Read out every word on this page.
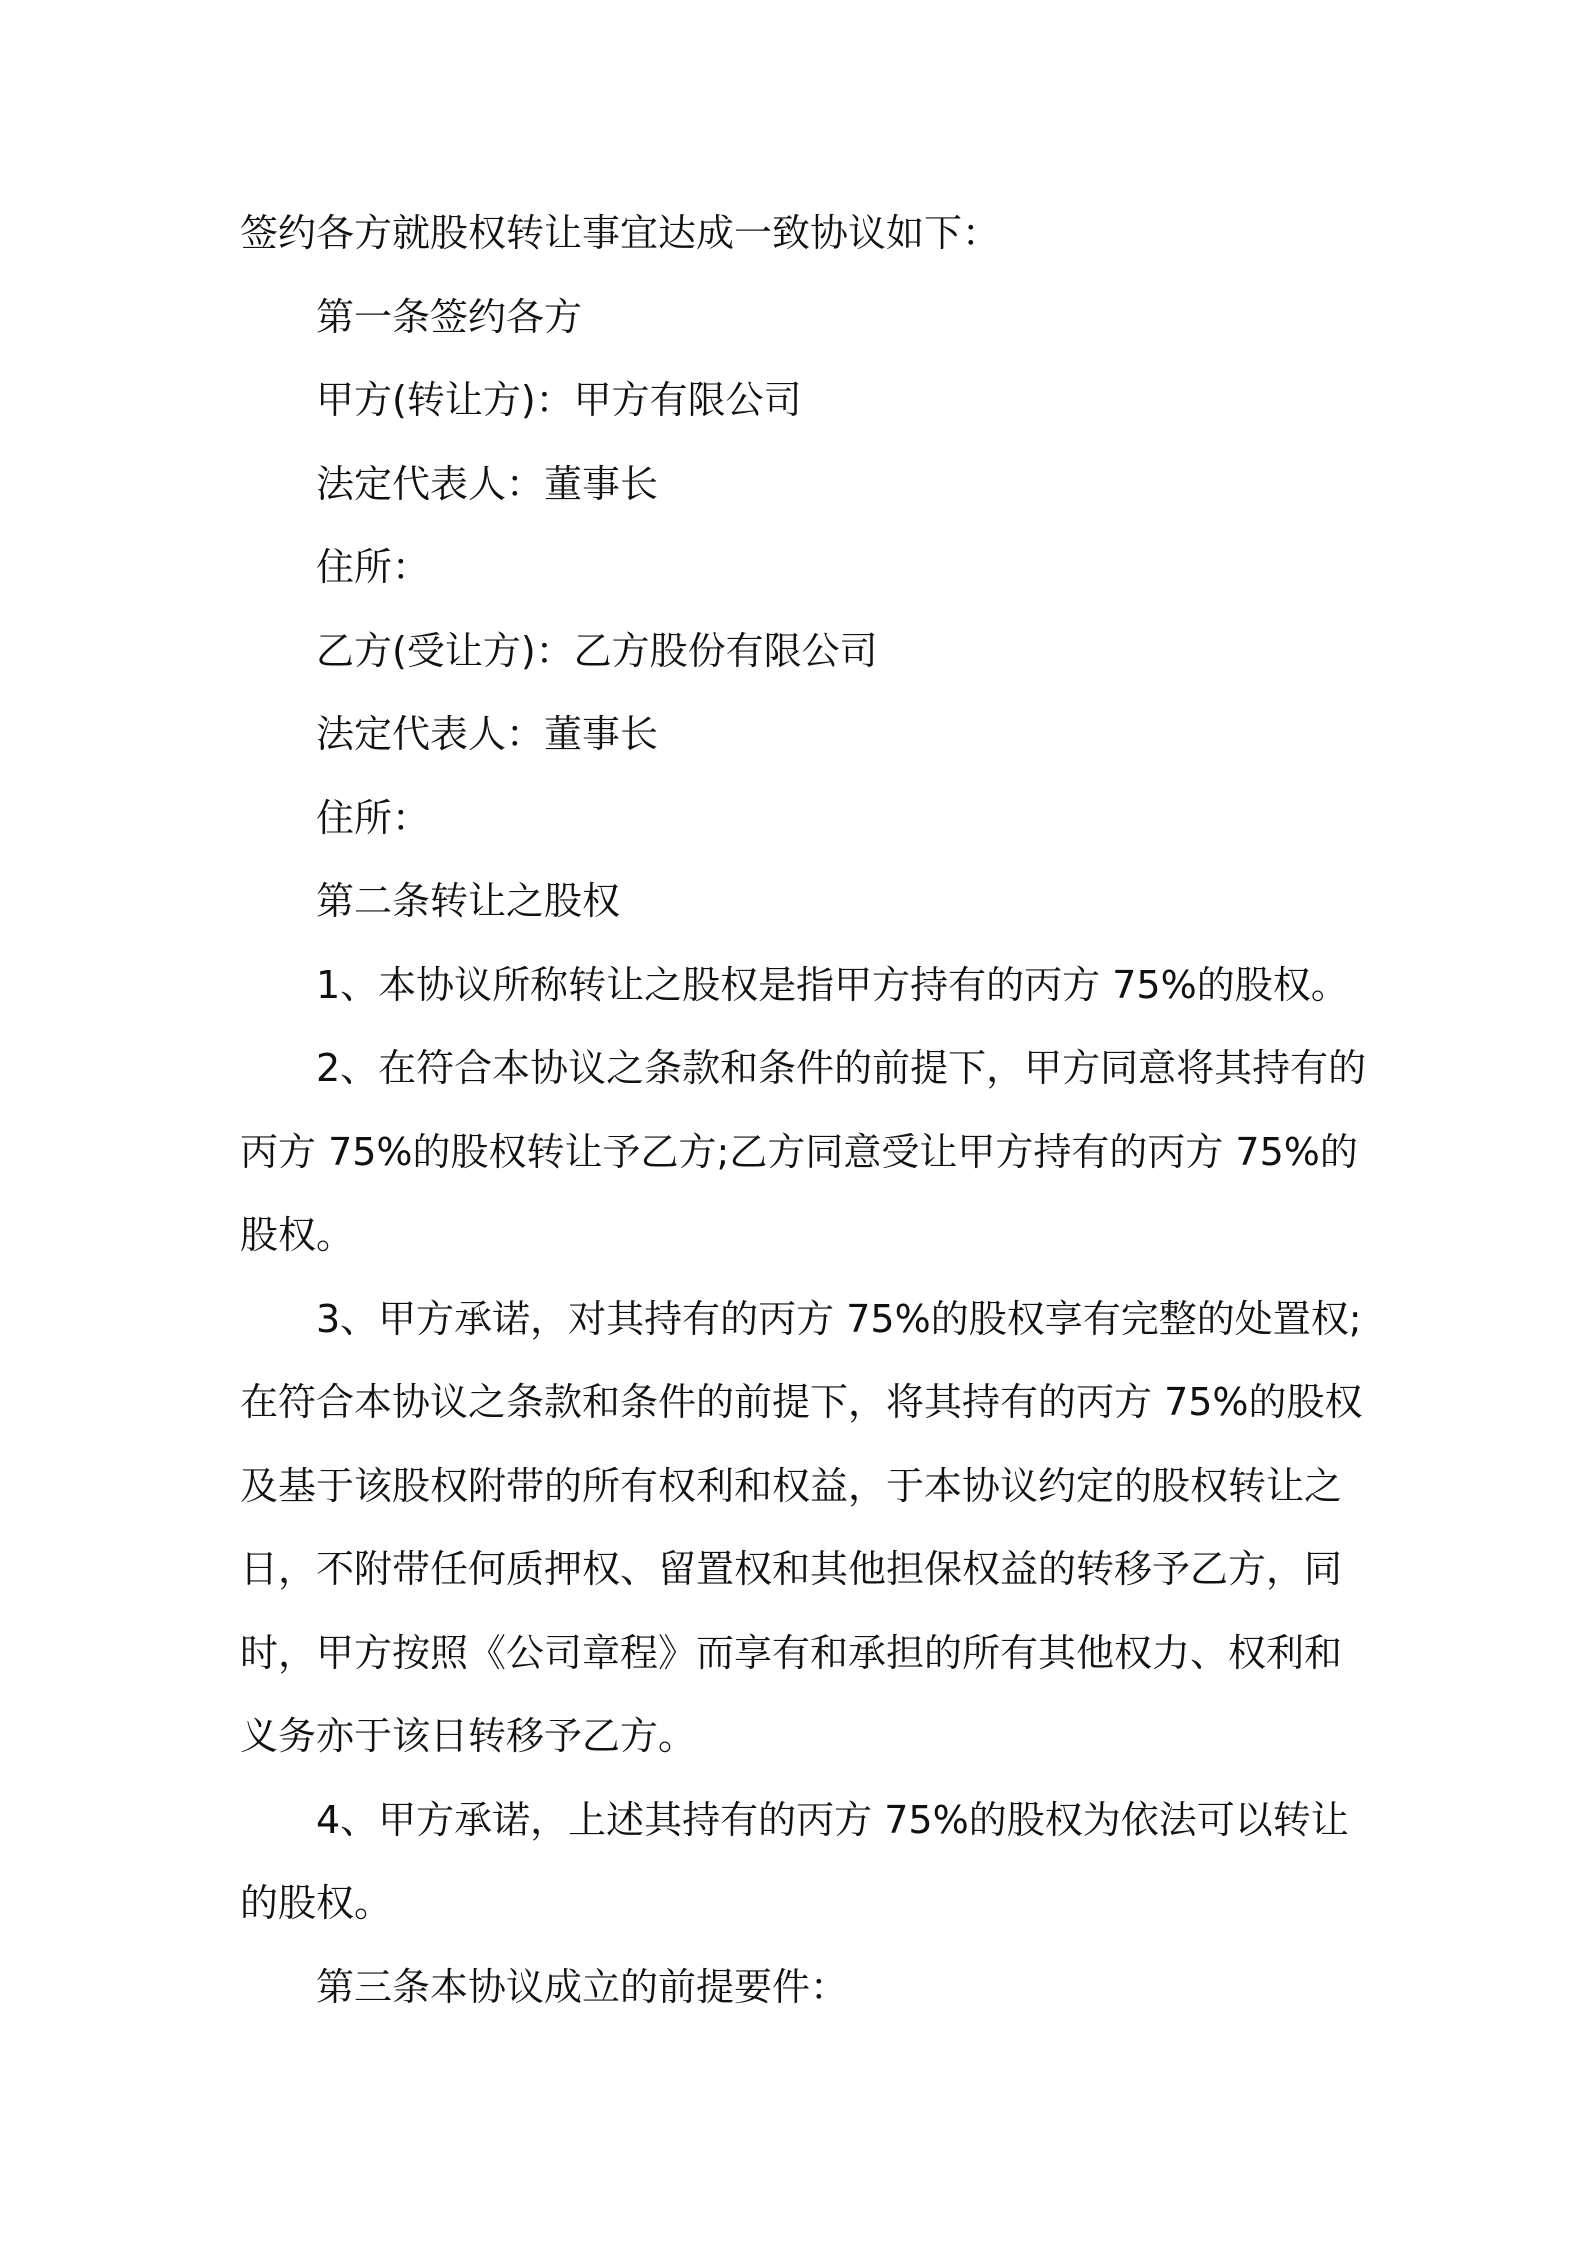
签约各方就股权转让事宜达成一致协议如下：

第一条签约各方

甲方(转让方)：甲方有限公司

法定代表人：董事长

住所：

乙方(受让方)：乙方股份有限公司

法定代表人：董事长

住所：

第二条转让之股权

1、本协议所称转让之股权是指甲方持有的丙方 75%的股权。

2、在符合本协议之条款和条件的前提下，甲方同意将其持有的丙方 75%的股权转让予乙方;乙方同意受让甲方持有的丙方 75%的股权。

3、甲方承诺，对其持有的丙方 75%的股权享有完整的处置权;在符合本协议之条款和条件的前提下，将其持有的丙方 75%的股权及基于该股权附带的所有权利和权益，于本协议约定的股权转让之日，不附带任何质押权、留置权和其他担保权益的转移予乙方，同时，甲方按照《公司章程》而享有和承担的所有其他权力、权利和义务亦于该日转移予乙方。

4、甲方承诺，上述其持有的丙方 75%的股权为依法可以转让的股权。

第三条本协议成立的前提要件：
